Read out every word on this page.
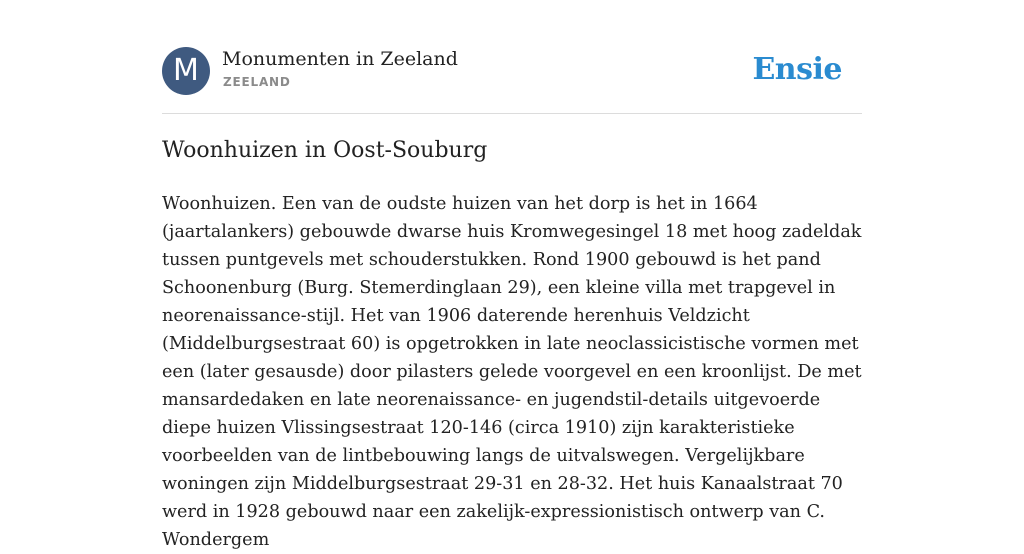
M	Monumenten in Zeeland
ZEELAND	Ensie
Woonhuizen in Oost-Souburg

Woonhuizen. Een van de oudste huizen van het dorp is het in 1664 (jaartalankers) gebouwde dwarse huis Kromwegesingel 18 met hoog zadeldak tussen puntgevels met schouderstukken. Rond 1900 gebouwd is het pand Schoonenburg (Burg. Stemerdinglaan 29), een kleine villa met trapgevel in neorenaissance-stijl. Het van 1906 daterende herenhuis Veldzicht (Middelburgsestraat 60) is opgetrokken in late neoclassicistische vormen met een (later gesausde) door pilasters gelede voorgevel en een kroonlijst. De met mansardedaken en late neorenaissance- en jugendstil-details uitgevoerde diepe huizen Vlissingsestraat 120-146 (circa 1910) zijn karakteristieke voorbeelden van de lintbebouwing langs de uitvalswegen. Vergelijkbare woningen zijn Middelburgsestraat 29-31 en 28-32. Het huis Kanaalstraat 70 werd in 1928 gebouwd naar een zakelijk-expressionistisch ontwerp van C. Wondergem
